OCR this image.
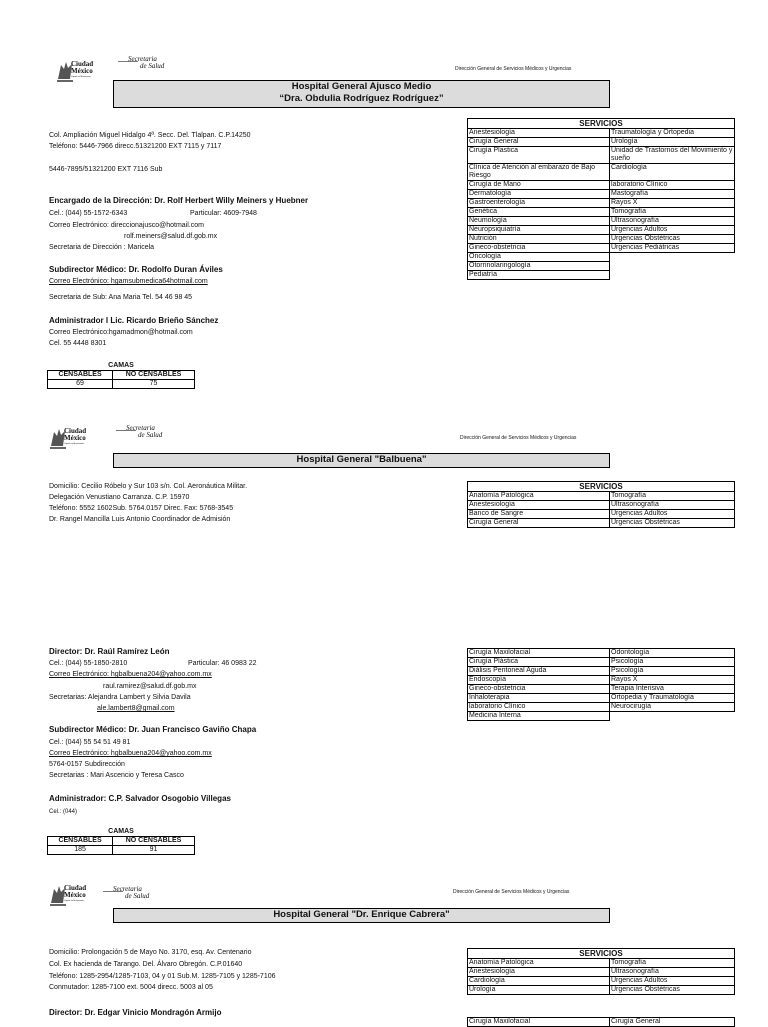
Ciudad
México
Capital en Movimiento
Secretaria
de Salud	Dirección General de Servicios Médicos y Urgencias
Hospital General Ajusco Medio
“Dra. Obdulia Rodríguez Rodríguez”
Col. Ampliación Miguel Hidalgo 4ª. Secc. Del. Tlalpan. C.P.14250
Teléfono: 5446-7966 direcc.51321200 EXT 7115 y 7117
5446-7895/51321200 EXT 7116 Sub
Encargado de la Dirección: Dr. Rolf Herbert Willy Meiners y Huebner
Cel.: (044) 55-1572-6343	Particular: 4609-7948
Correo Electrónico: direccionajusco@hotmail.com
rolf.meiners@salud.df.gob.mx
Secretaria de Dirección : Maricela
Subdirector Médico: Dr. Rodolfo Duran Áviles
Correo Electrónico: hgamsubmedica64hotmail.com
Secretaria de Sub: Ana Maria Tel. 54 46 98 45
Administrador l Lic. Ricardo Brieño Sánchez
Correo Electrónico:hgamadmon@hotmail.com
Cel. 55 4448 8301
CAMAS	
CENSABLES	NO CENSABLES
69	75
SERVICIOS	
Anestesiología	Traumatología y Ortopedia
Cirugía General	Urología
Cirugía Plastica	Unidad de Trastornos del Movimiento y sueño
Clínica de Atención al embarazo de Bajo Riesgo	Cardiología
Cirugía de Mano	laboratorio Clínico
Dermatología	Mastografía
Gastroenterología	Rayos X
Genética	Tomografía
Neumología	Ultrasonografía
Neuropsiquiatría	Urgencias Adultos
Nutrición	Urgencias Obstétricas
Gineco-obstetricia	Urgencias Pediátricas
Oncología	
Otorrinolaringología	
Pediatría	
Ciudad
México
Capital en Movimiento
Secretaria
de Salud	Dirección General de Servicios Médicos y Urgencias
Hospital General "Balbuena"
Domicilio: Cecilio Róbelo y Sur 103 s/n. Col. Aeronáutica Militar.
Delegación Venustiano Carranza. C.P. 15970
Teléfono: 5552 1602Sub. 5764.0157 Direc. Fax: 5768-3545
Dr. Rangel Mancilla Luis Antonio Coordinador de Admisión
SERVICIOS	
Anatomía Patológica	Tomografía
Anestesiología	Ultrasonografía
Banco de Sangre	Urgencias Adultos
Cirugía General	Urgencias Obstétricas
Director: Dr. Raúl Ramírez León
Cel.: (044) 55-1850-2810	Particular: 46 0983 22
Correo Electrónico: hgbalbuena204@yahoo.com.mx
raul.ramirez@salud.df.gob.mx
Secretarias: Alejandra Lambert y Silvia Davila
ale.lambert8@gmail.com
Subdirector Médico: Dr. Juan Francisco Gaviño Chapa
Cel.: (044) 55 54 51 49 81
Correo Electrónico: hgbalbuena204@yahoo.com.mx
5764-0157 Subdirección
Secretarias : Mari Ascencio y Teresa Casco
Administrador: C.P. Salvador Osogobio Villegas
Cel.: (044)
CAMAS	
CENSABLES	NO CENSABLES
185	91
Cirugía Maxilofacial	Odontología
Cirugía Plástica	Psicología
Diálisis Peritoneal Aguda	Psicología
Endoscopía	Rayos X
Gineco-obstetricia	Terapia Intensiva
Inhaloterapia	Ortopedia y Traumatología
laboratorio Clínico	Neurocirugía
Medicina Interna	
Ciudad
México
Capital en Movimiento
Secretaria
de Salud	Dirección General de Servicios Médicos y Urgencias
Hospital General "Dr. Enrique Cabrera"
Domicilio: Prolongación 5 de Mayo No. 3170, esq. Av. Centenario
Col. Ex hacienda de Tarango. Del. Álvaro Obregón. C.P.01640
Teléfono: 1285-2954/1285-7103, 04 y 01 Sub.M. 1285-7105 y 1285-7106
Conmutador: 1285-7100 ext. 5004 direcc. 5003 al 05
Director: Dr. Edgar Vinicio Mondragón Armijo
SERVICIOS	
Anatomía Patológica	Tomografía
Anestesiología	Ultrasonografía
Cardiología	Urgencias Adultos
Urología	Urgencias Obstétricas
Cirugía Maxilofacial	Cirugía General
